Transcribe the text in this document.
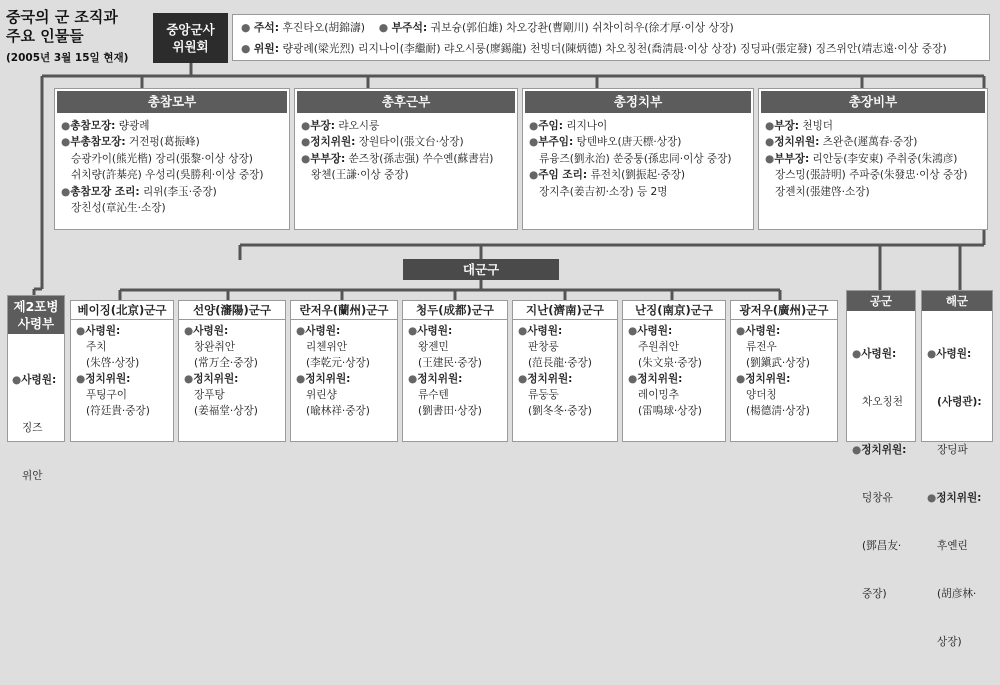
중국의 군 조직과
주요 인물들
(2005년 3월 15일 현재)
중앙군사
위원회
● 주석: 후진타오(胡錦濤) ● 부주석: 궈보슝(郭伯雄) 차오강촨(曹剛川) 쉬차이허우(徐才厚·이상 상장)
● 위원: 량광례(梁光烈) 리지나이(李繼耐) 랴오시룽(廖錫龍) 천빙더(陳炳德) 차오칭천(喬淸晨·이상 상장) 징딩파(張定發) 징즈위안(靖志遠·이상 중장)
총참모부
●총참모장: 량광례
●부총참모장: 거전펑(葛振峰)
승광카이(熊光楷) 장리(張黎·이상 상장)
쉬치량(許棊亮) 우성리(吳勝利·이상 중장)
●총참모장 조리: 리위(李玉·중장)
장친성(章沁生·소장)
총후근부
●부장: 랴오시룽
●정치위원: 장원타이(張文台·상장)
●부부장: 쑨즈창(孫志强) 쑤수옌(蘇書岩)
왕첸(王謙·이상 중장)
총정치부
●주임: 리지나이
●부주임: 탕텐뱌오(唐天標·상장)
류융즈(劉永治) 쑨중퉁(孫忠同·이상 중장)
●주임 조리: 류전치(劉振起·중장)
장지추(姜吉初·소장) 등 2명
총장비부
●부장: 천빙더
●정치위원: 츠완춘(遲萬春·중장)
●부부장: 리안둥(李安東) 주취중(朱鴻彦)
장스밍(張詩明) 주파중(朱發忠·이상 중장)
장젠치(張建啓·소장)
대군구
제2포병
사령부

●사령원:

징즈

위안

베이징(北京)군구
●사령원:
주치
(朱啓·상장)
●정치위원:
푸팅구이
(符廷貴·중장)
선양(瀋陽)군구
●사령원:
창완취안
(常万全·중장)
●정치위원:
장푸탕
(姜福堂·상장)
란저우(蘭州)군구
●사령원:
리첸위안
(李乾元·상장)
●정치위원:
위린샹
(喩林祥·중장)
청두(成都)군구
●사령원:
왕젠민
(王建民·중장)
●정치위원:
류수텐
(劉書田·상장)
지난(濟南)군구
●사령원:
판창룽
(范長龍·중장)
●정치위원:
류둥둥
(劉冬冬·중장)
난징(南京)군구
●사령원:
주원취안
(朱文泉·중장)
●정치위원:
레이밍추
(雷鳴球·상장)
광저우(廣州)군구
●사령원:
류전우
(劉鎭武·상장)
●정치위원:
양더칭
(楊德淸·상장)
공군

●사령원:

차오칭천

●정치위원:

덩창유

(鄧昌友·

중장)

해군

●사령원:

(사령관):

장딩파

●정치위원:

후옌린

(胡彦林·

상장)
